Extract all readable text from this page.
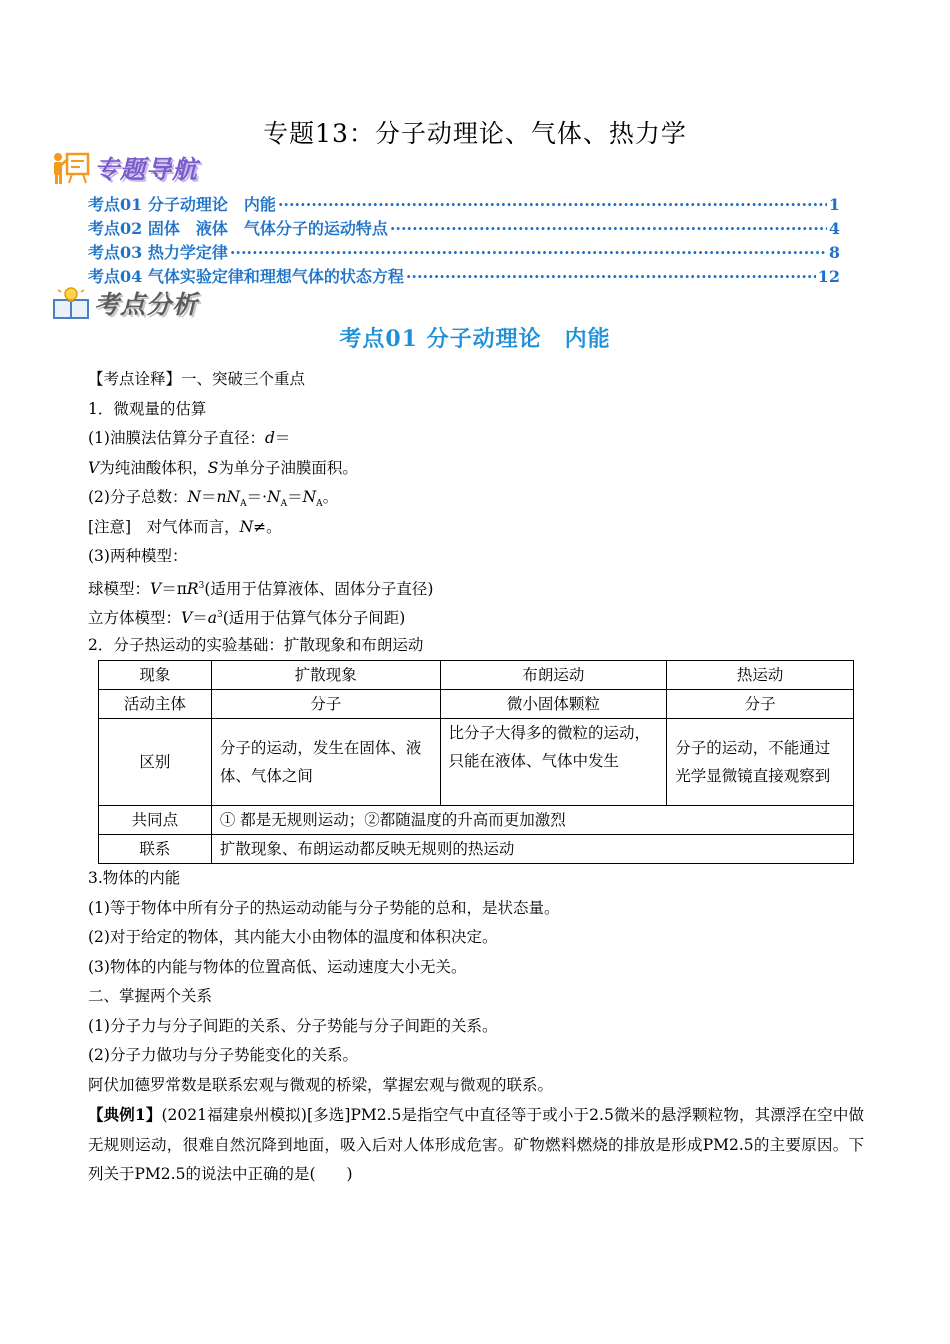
专题13：分子动理论、气体、热力学
专题导航
考点01 分子动理论　内能 ·····	1
考点02 固体　液体　气体分子的运动特点 ·····	4
考点03 热力学定律 ·····	8
考点04 气体实验定律和理想气体的状态方程 ·····	12
考点分析
考点01 分子动理论　内能
【考点诠释】一、突破三个重点
1．微观量的估算
(1)油膜法估算分子直径：d＝
V为纯油酸体积，S为单分子油膜面积。
(2)分子总数：$N=nN_A=\cdot N_A=N_A$。
[注意]　对气体而言，N≠。
(3)两种模型：
球模型：$V=\pi R^3$(适用于估算液体、固体分子直径)
立方体模型：$V=a^3$(适用于估算气体分子间距)
2．分子热运动的实验基础：扩散现象和布朗运动
现象	扩散现象	布朗运动	热运动
活动主体	分子	微小固体颗粒	分子
区别	分子的运动，发生在固体、液体、气体之间	比分子大得多的微粒的运动，只能在液体、气体中发生	分子的运动，不能通过光学显微镜直接观察到
共同点	① 都是无规则运动；②都随温度的升高而更加激烈		
联系	扩散现象、布朗运动都反映无规则的热运动		
3.物体的内能
(1)等于物体中所有分子的热运动动能与分子势能的总和，是状态量。
(2)对于给定的物体，其内能大小由物体的温度和体积决定。
(3)物体的内能与物体的位置高低、运动速度大小无关。
二、掌握两个关系
(1)分子力与分子间距的关系、分子势能与分子间距的关系。
(2)分子力做功与分子势能变化的关系。
阿伏加德罗常数是联系宏观与微观的桥梁，掌握宏观与微观的联系。
【典例1】(2021福建泉州模拟)[多选]PM2.5是指空气中直径等于或小于2.5微米的悬浮颗粒物，其漂浮在空中做无规则运动，很难自然沉降到地面，吸入后对人体形成危害。矿物燃料燃烧的排放是形成PM2.5的主要原因。下列关于PM2.5的说法中正确的是(　　)
